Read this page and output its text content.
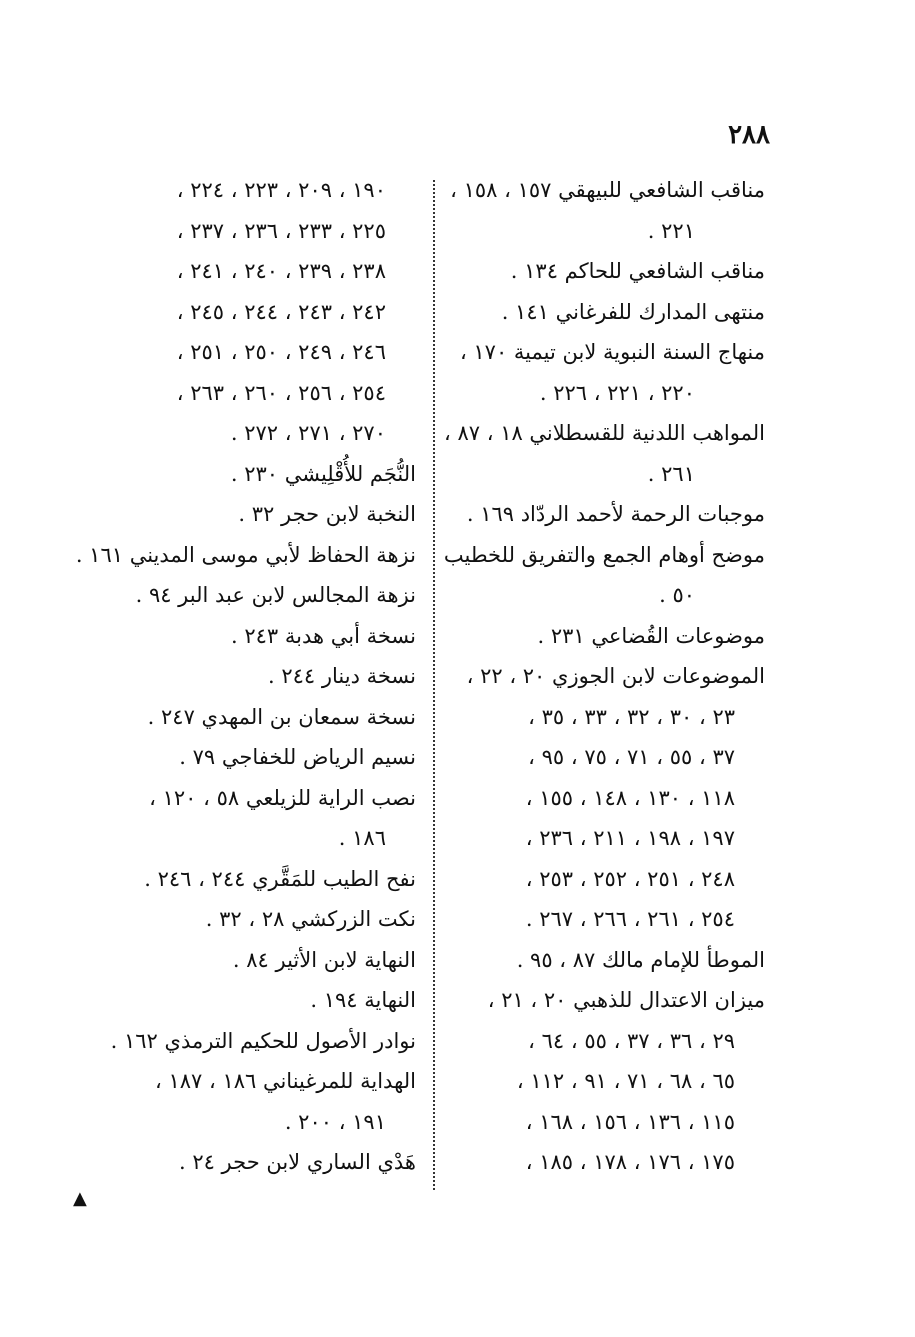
٢٨٨
مناقب الشافعي للبيهقي ١٥٧ ، ١٥٨ ،
٢٢١ .
مناقب الشافعي للحاكم ١٣٤ .
منتهى المدارك للفرغاني ١٤١ .
منهاج السنة النبوية لابن تيمية ١٧٠ ،
٢٢٠ ، ٢٢١ ، ٢٢٦ .
المواهب اللدنية للقسطلاني ١٨ ، ٨٧ ،
٢٦١ .
موجبات الرحمة لأحمد الردّاد ١٦٩ .
موضح أوهام الجمع والتفريق للخطيب
٥٠ .
موضوعات القُضاعي ٢٣١ .
الموضوعات لابن الجوزي ٢٠ ، ٢٢ ،
٢٣ ، ٣٠ ، ٣٢ ، ٣٣ ، ٣٥ ،
٣٧ ، ٥٥ ، ٧١ ، ٧٥ ، ٩٥ ،
١١٨ ، ١٣٠ ، ١٤٨ ، ١٥٥ ،
١٩٧ ، ١٩٨ ، ٢١١ ، ٢٣٦ ،
٢٤٨ ، ٢٥١ ، ٢٥٢ ، ٢٥٣ ،
٢٥٤ ، ٢٦١ ، ٢٦٦ ، ٢٦٧ .
الموطأ للإمام مالك ٨٧ ، ٩٥ .
ميزان الاعتدال للذهبي ٢٠ ، ٢١ ،
٢٩ ، ٣٦ ، ٣٧ ، ٥٥ ، ٦٤ ،
٦٥ ، ٦٨ ، ٧١ ، ٩١ ، ١١٢ ،
١١٥ ، ١٣٦ ، ١٥٦ ، ١٦٨ ،
١٧٥ ، ١٧٦ ، ١٧٨ ، ١٨٥ ،
١٩٠ ، ٢٠٩ ، ٢٢٣ ، ٢٢٤ ،
٢٢٥ ، ٢٣٣ ، ٢٣٦ ، ٢٣٧ ،
٢٣٨ ، ٢٣٩ ، ٢٤٠ ، ٢٤١ ،
٢٤٢ ، ٢٤٣ ، ٢٤٤ ، ٢٤٥ ،
٢٤٦ ، ٢٤٩ ، ٢٥٠ ، ٢٥١ ،
٢٥٤ ، ٢٥٦ ، ٢٦٠ ، ٢٦٣ ،
٢٧٠ ، ٢٧١ ، ٢٧٢ .
النُّجَم للأُقْلِيشي ٢٣٠ .
النخبة لابن حجر ٣٢ .
نزهة الحفاظ لأبي موسى المديني ١٦١ .
نزهة المجالس لابن عبد البر ٩٤ .
نسخة أبي هدبة ٢٤٣ .
نسخة دينار ٢٤٤ .
نسخة سمعان بن المهدي ٢٤٧ .
نسيم الرياض للخفاجي ٧٩ .
نصب الراية للزيلعي ٥٨ ، ١٢٠ ،
١٨٦ .
نفح الطيب للمَقَّري ٢٤٤ ، ٢٤٦ .
نكت الزركشي ٢٨ ، ٣٢ .
النهاية لابن الأثير ٨٤ .
النهاية ١٩٤ .
نوادر الأصول للحكيم الترمذي ١٦٢ .
الهداية للمرغيناني ١٨٦ ، ١٨٧ ،
١٩١ ، ٢٠٠ .
هَدْي الساري لابن حجر ٢٤ .
▲
